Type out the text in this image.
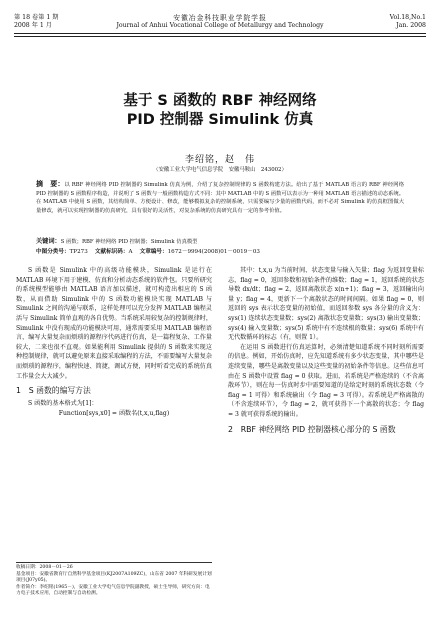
第 18 卷第 1 期
2008 年 1 月
安徽冶金科技职业学院学报
Journal of Anhui Vocational College of Metallurgy and Technology
Vol.18,No.1
Jan. 2008
基于 S 函数的 RBF 神经网络
PID 控制器 Simulink 仿真
李绍铭，赵　伟
（安徽工业大学电气信息学院　安徽马鞍山　243002）
摘　要：以 RBF 神经网络 PID 控制器的 Simulink 仿真为例，介绍了复杂控制规律的 S 函数构建方法。给出了基于 MATLAB 语言的 RBF 神经网络 PID 控制器的 S 函数程序构造，并说明了 S 函数与一般函数构造方式不同：其中 MATLAB 中的 S 函数可以表示为一种用 MATLAB 语言描述的动态系统。在 MATLAB 中使用 S 函数，其结构简单、方便设计、修改，能够模拟复杂的控制系统，只需要编写少量的函数代码，而不必对 Simulink 的仿真框图做大量修改，就可以实现控制器的仿真研究，具有很好的灵活性，对复杂系统的仿真研究具有一定的参考价值。
关键词：S 函数；RBF 神经网络 PID 控制器；Simulink 仿真模型
中图分类号：TP273 文献标识码：A 文章编号：1672－9994(2008)01－0019－03

S 函数是 Simulink 中的高级功能模块，Simulink 是运行在 MATLAB 环境下用于建模、仿真和分析动态系统的软件包。只要所研究的系统模型能够由 MATLAB 语言加以描述，就可构造出相应的 S 函数，从而借助 Simulink 中的 S 函数功能模块实现 MATLAB 与 Simulink 之间的沟通与联系，这样处理可以充分发挥 MATLAB 编程灵活与 Simulink 简单直观的各自优势。当系统采用较复杂的控制规律时，Simulink 中没有现成的功能模块可用，通常需要采用 MATLAB 编程语言，编写大量复杂而烦琐的源程序代码进行仿真，是一篇程复杂、工作量较大，二来也很不直观。如果能利用 Simulink 提供的 S 函数来实现这种控制规律，就可以避免原来直接采取编程的方法，不需要编写大量复杂而烦琐的源程序，编程快速、简捷，调试方便，同时听看完成的系统仿真工作量会大大减少。

1　S 函数的编写方法

S 函数的基本格式为[1]：

Function[sys,x0] = 函数名(t,x,u,flag)

其中：t,x,u 为当前时间、状态变量与输入矢量；flag 为返回变量标志，flag = 0，返回参数和初始条件的维数；flag = 1，返回系统的状态导数 dx/dt；flag = 2，返回离散状态 x(n+1)；flag = 3，返回输出向量 y；flag = 4，更新下一个离散状态的时间间隔。如果 flag = 0，则返回的 sys 表示状态变量的初始值，而返回参数 sys 各分量的含义为：sys(1) 连续状态变量数；sys(2) 离散状态变量数；sys(3) 输出变量数；sys(4) 输入变量数；sys(5) 系统中有不连续根的数量；sys(6) 系统中有无代数循环的标志（有，则置 1）。

在运用 S 函数进行仿真运算时，必须清楚知道系统不同时刻所需要的信息。例如，开始仿真时，应先知道系统有多少状态变量，其中哪些是连续变量，哪些是离散变量以及这些变量的初始条件等信息。这些信息可由在 S 函数中设置 flag = 0 获取。进而，若系统是严格连续的（不含离散环节），则在每一仿真时步中需要知道的是给定时刻的系统状态数（令 flag = 1 可得）和系统输出（令 flag = 3 可得）。若系统是严格离散的（不含连续环节），令 flag = 2，就可获得下一个离散的状态；令 flag = 3 就可获得系统的输出。

2　RBF 神经网络 PID 控制器核心部分的 S 函数

收稿日期：2008－01－26

基金项目：安徽省教育厅自然科学基金项目(KJ2007A109ZC)，山东省 2007 年科研发展计划项目(J07y05)。

作者简介：李绍铭(1965－)，安徽工业大学电气信息学院副教授，硕士生导师，研究方向：电力电子技术应用，自动控制与自动检测。
